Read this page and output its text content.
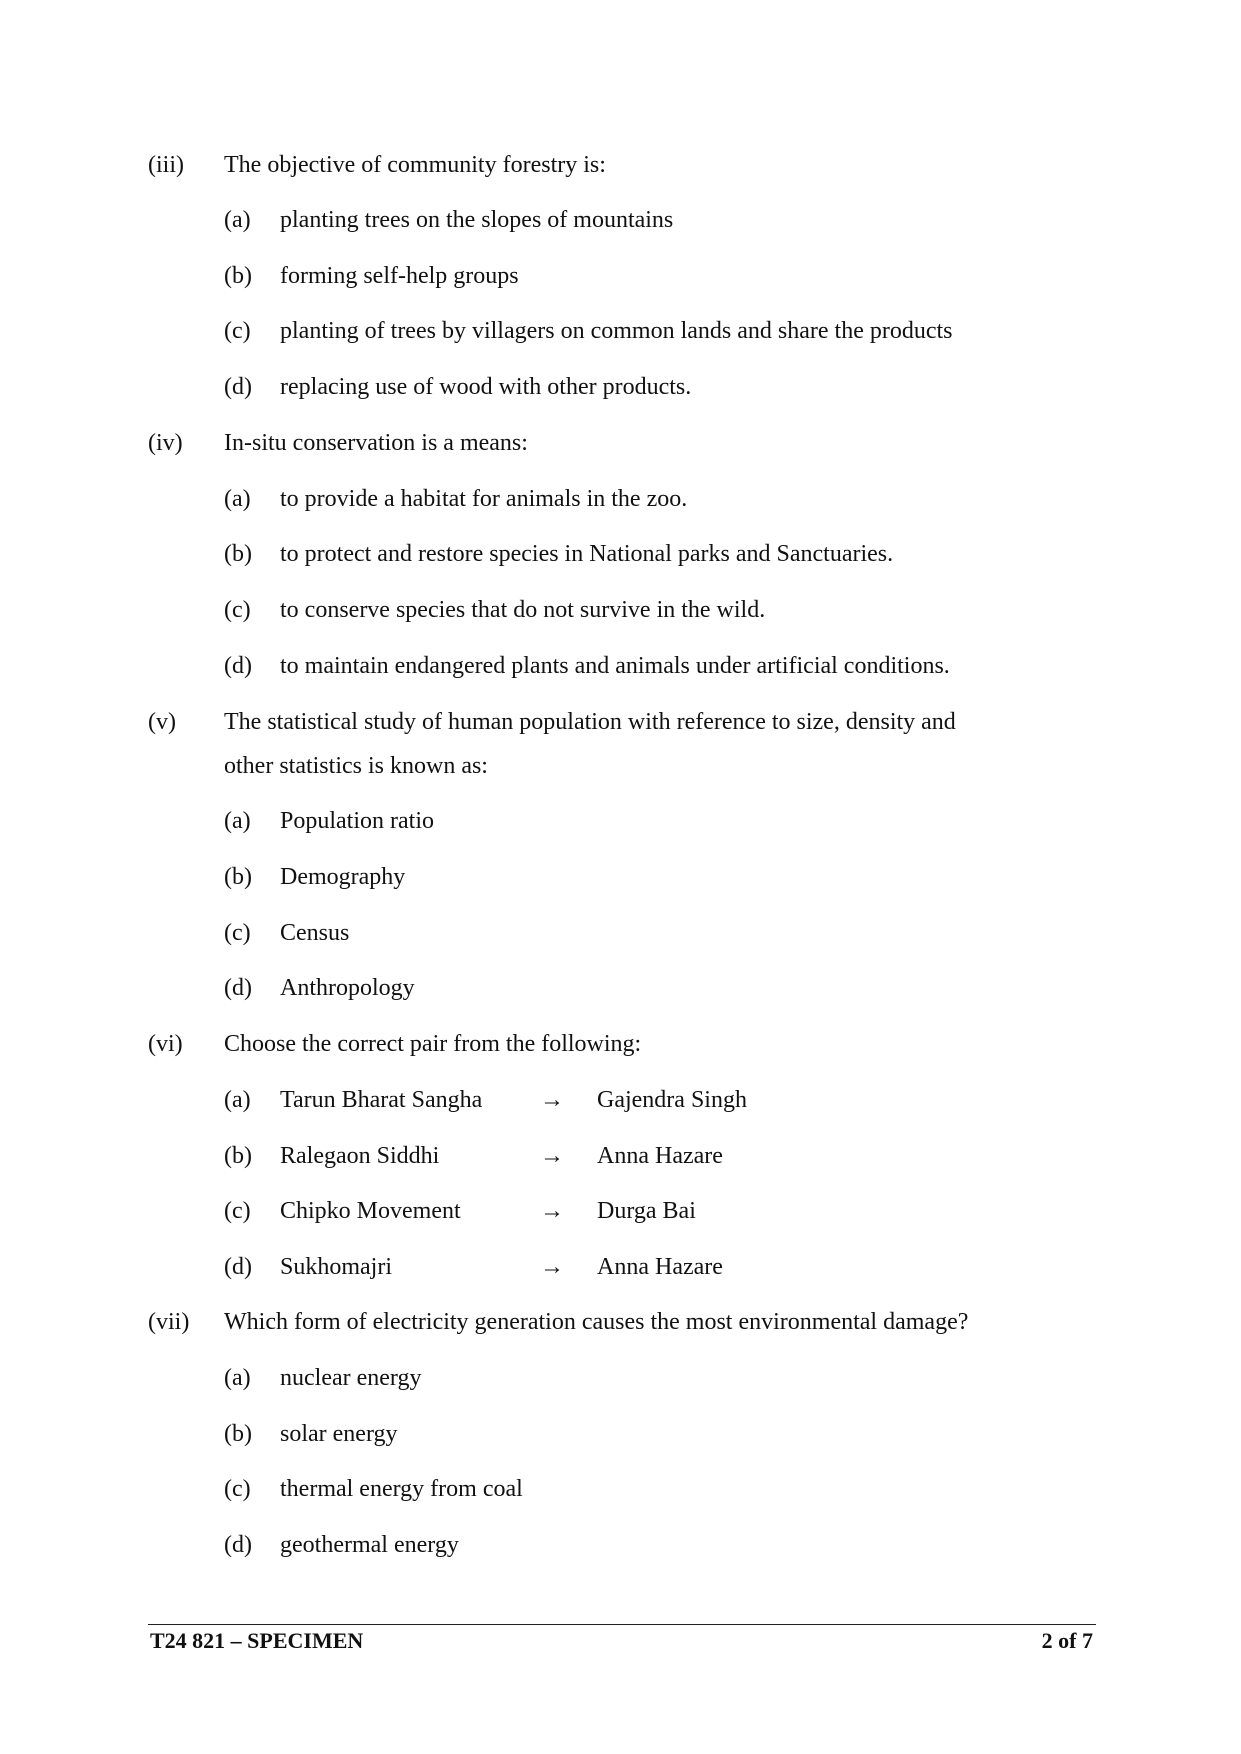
(iii) The objective of community forestry is:
(a) planting trees on the slopes of mountains
(b) forming self-help groups
(c) planting of trees by villagers on common lands and share the products
(d) replacing use of wood with other products.
(iv) In-situ conservation is a means:
(a) to provide a habitat for animals in the zoo.
(b) to protect and restore species in National parks and Sanctuaries.
(c) to conserve species that do not survive in the wild.
(d) to maintain endangered plants and animals under artificial conditions.
(v) The statistical study of human population with reference to size, density and
other statistics is known as:
(a) Population ratio
(b) Demography
(c) Census
(d) Anthropology
(vi) Choose the correct pair from the following:
(a) Tarun Bharat Sangha → Gajendra Singh
(b) Ralegaon Siddhi	→ Anna Hazare
(c) Chipko Movement	→ Durga Bai
(d) Sukhomajri	→ Anna Hazare
(vii) Which form of electricity generation causes the most environmental damage?
(a) nuclear energy
(b) solar energy
(c) thermal energy from coal
(d) geothermal energy
T24 821 – SPECIMEN	2 of 7
